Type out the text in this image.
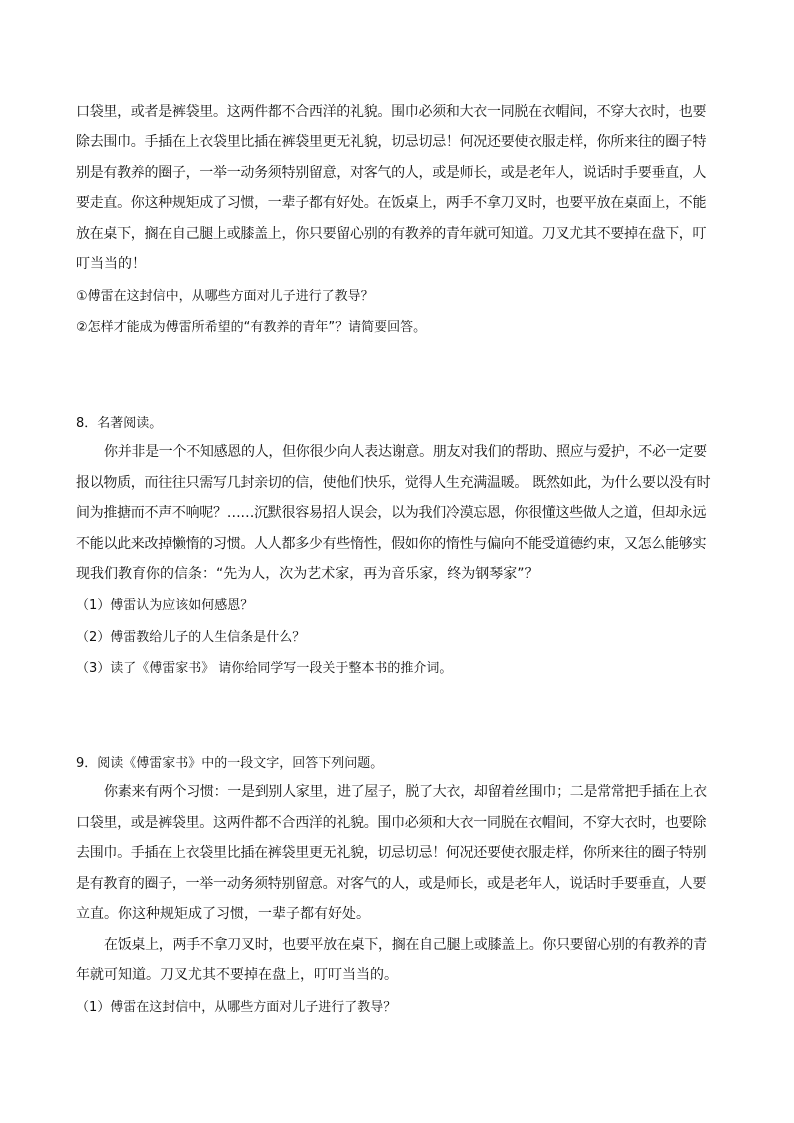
口袋里，或者是裤袋里。这两件都不合西洋的礼貌。围巾必须和大衣一同脱在衣帽间，不穿大衣时，也要
除去围巾。手插在上衣袋里比插在裤袋里更无礼貌，切忌切忌！何况还要使衣服走样，你所来往的圈子特
别是有教养的圈子，一举一动务须特别留意，对客气的人，或是师长，或是老年人，说话时手要垂直，人
要走直。你这种规矩成了习惯，一辈子都有好处。在饭桌上，两手不拿刀叉时，也要平放在桌面上，不能
放在桌下，搁在自己腿上或膝盖上，你只要留心别的有教养的青年就可知道。刀叉尤其不要掉在盘下，叮
叮当当的！
①傅雷在这封信中，从哪些方面对儿子进行了教导？
②怎样才能成为傅雷所希望的“有教养的青年”？请简要回答。
8．名著阅读。
你并非是一个不知感恩的人，但你很少向人表达谢意。朋友对我们的帮助、照应与爱护，不必一定要
报以物质，而往往只需写几封亲切的信，使他们快乐，觉得人生充满温暖。 既然如此，为什么要以没有时
间为推搪而不声不响呢？……沉默很容易招人误会，以为我们冷漠忘恩，你很懂这些做人之道，但却永远
不能以此来改掉懒惰的习惯。人人都多少有些惰性，假如你的惰性与偏向不能受道德约束，又怎么能够实
现我们教育你的信条：“先为人，次为艺术家，再为音乐家，终为钢琴家”？
（1）傅雷认为应该如何感恩？
（2）傅雷教给儿子的人生信条是什么？
（3）读了《傅雷家书》 请你给同学写一段关于整本书的推介词。
9．阅读《傅雷家书》中的一段文字，回答下列问题。
你素来有两个习惯：一是到别人家里，进了屋子，脱了大衣，却留着丝围巾；二是常常把手插在上衣
口袋里，或是裤袋里。这两件都不合西洋的礼貌。围巾必须和大衣一同脱在衣帽间，不穿大衣时，也要除
去围巾。手插在上衣袋里比插在裤袋里更无礼貌，切忌切忌！何况还要使衣服走样，你所来往的圈子特别
是有教育的圈子，一举一动务须特别留意。对客气的人，或是师长，或是老年人，说话时手要垂直，人要
立直。你这种规矩成了习惯，一辈子都有好处。
在饭桌上，两手不拿刀叉时，也要平放在桌下，搁在自己腿上或膝盖上。你只要留心别的有教养的青
年就可知道。刀叉尤其不要掉在盘上，叮叮当当的。
（1）傅雷在这封信中，从哪些方面对儿子进行了教导？
